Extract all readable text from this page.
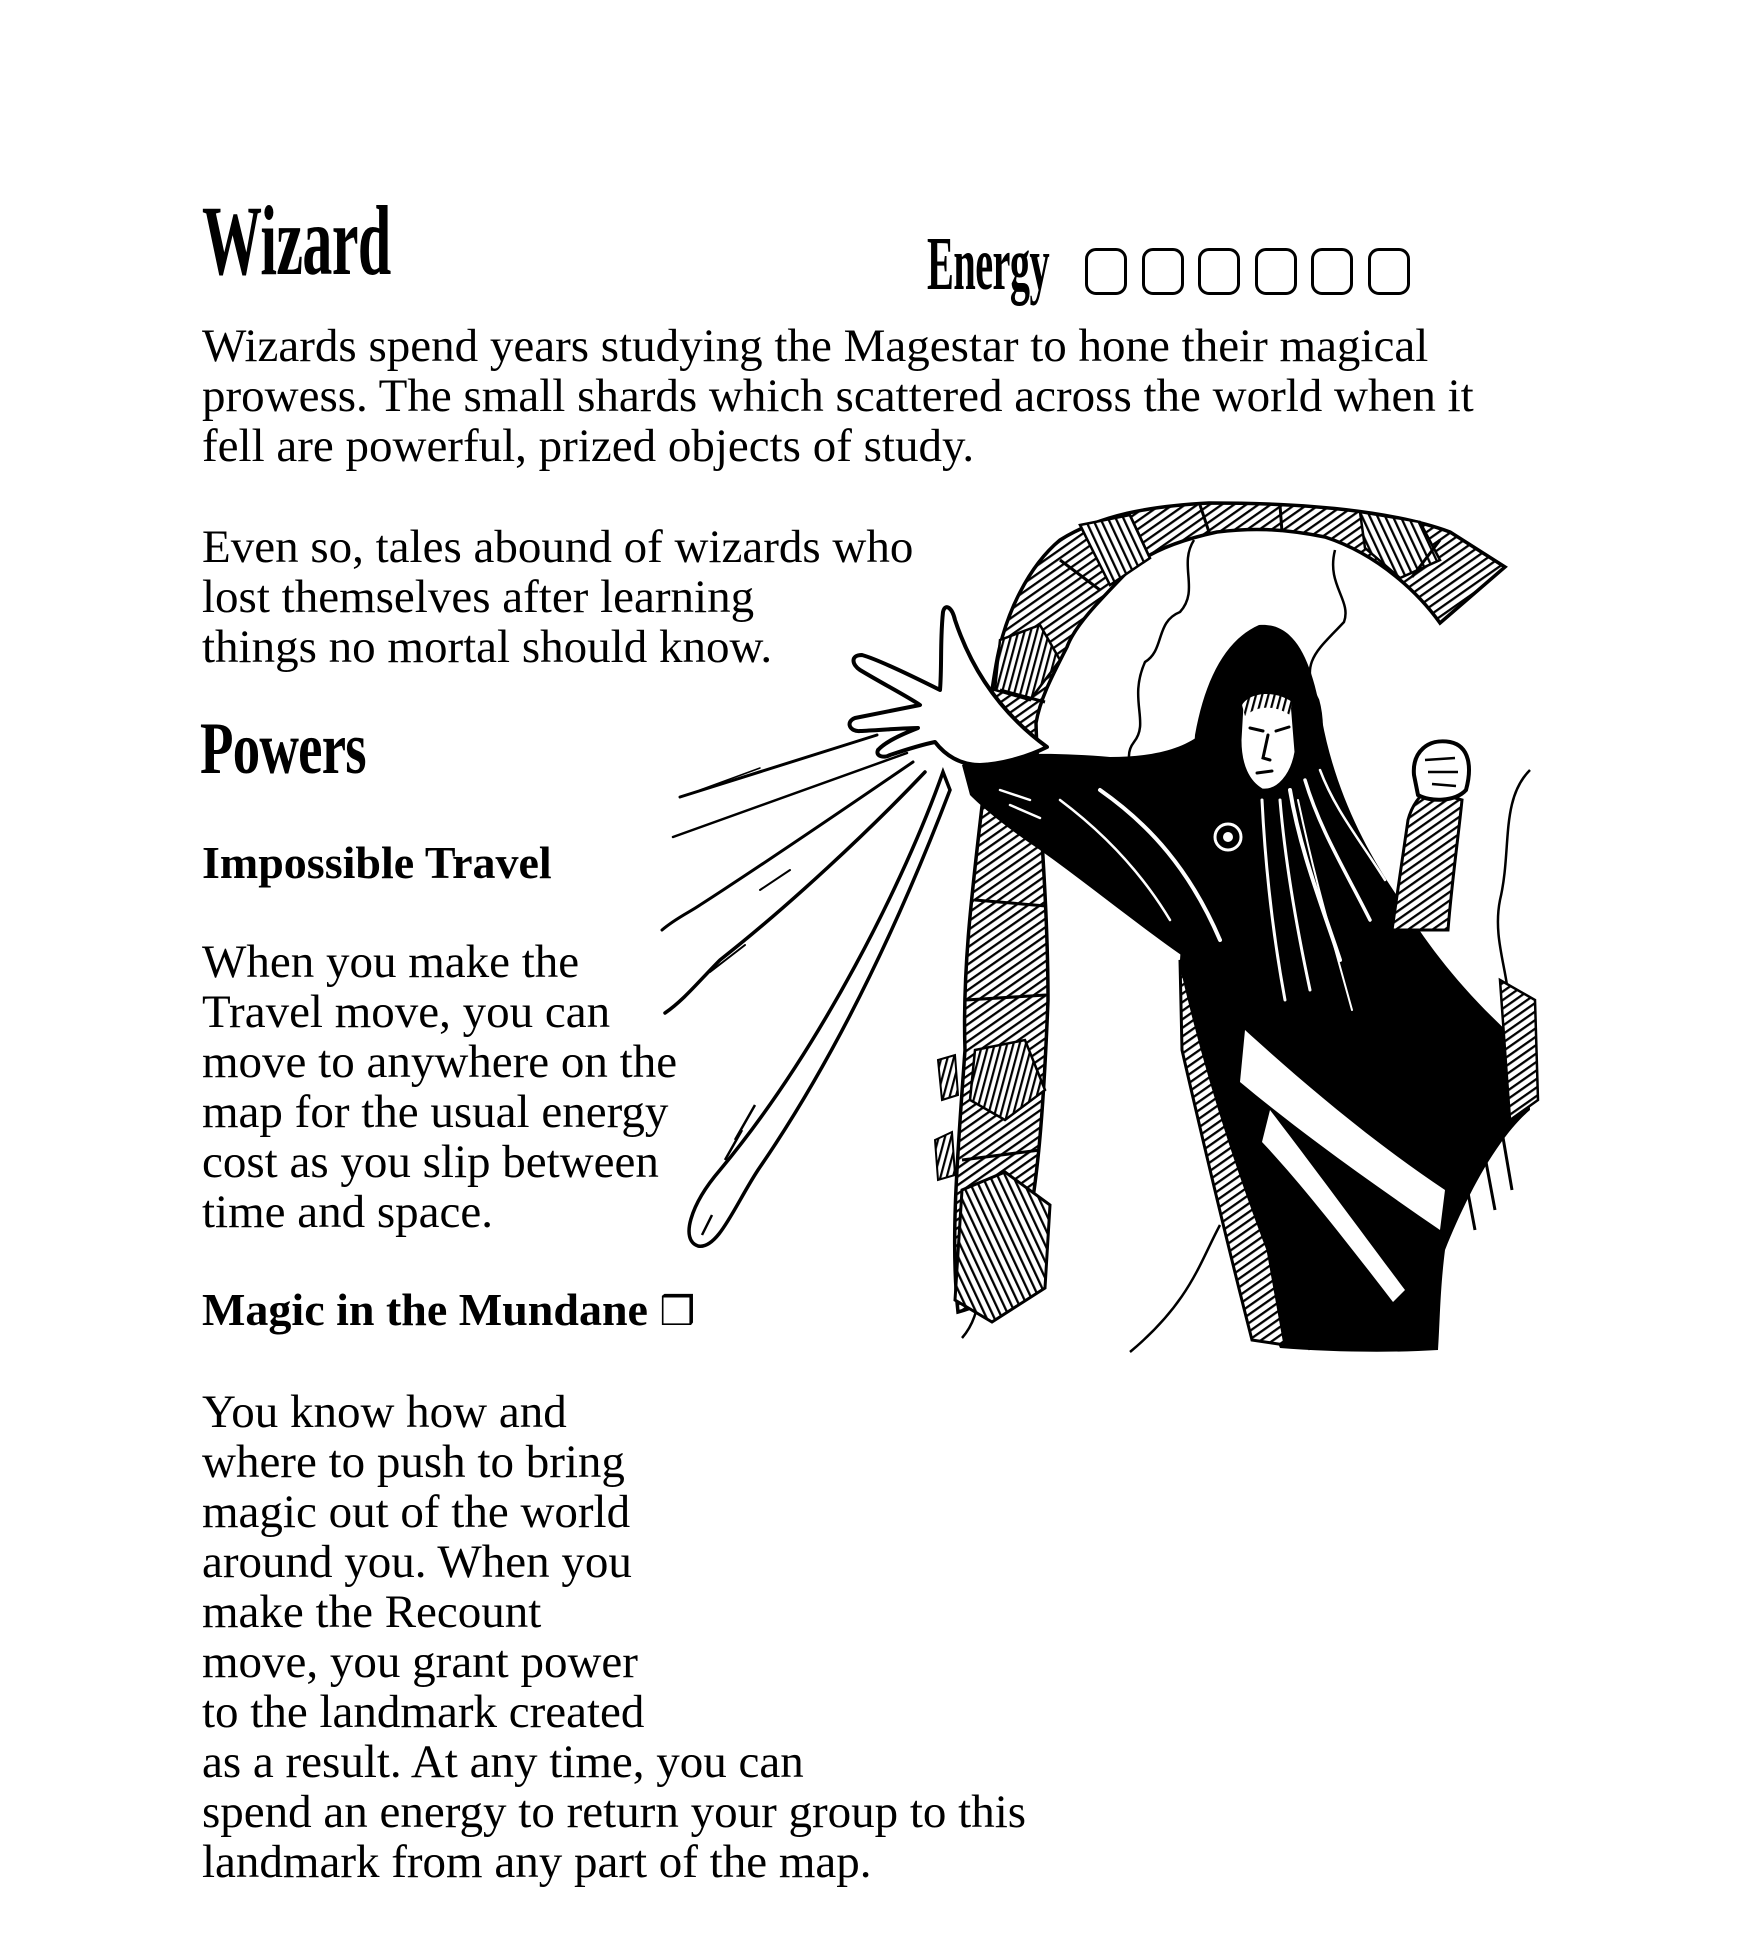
Wizard	Energy
Wizards spend years studying the Magestar to hone their magical
prowess. The small shards which scattered across the world when it
fell are powerful, prized objects of study.
Even so, tales abound of wizards who
lost themselves after learning
things no mortal should know.
Powers
Impossible Travel
When you make the
Travel move, you can
move to anywhere on the
map for the usual energy
cost as you slip between
time and space.
Magic in the Mundane ❒
You know how and
where to push to bring
magic out of the world
around you. When you
make the Recount
move, you grant power
to the landmark created
as a result. At any time, you can
spend an energy to return your group to this
landmark from any part of the map.
